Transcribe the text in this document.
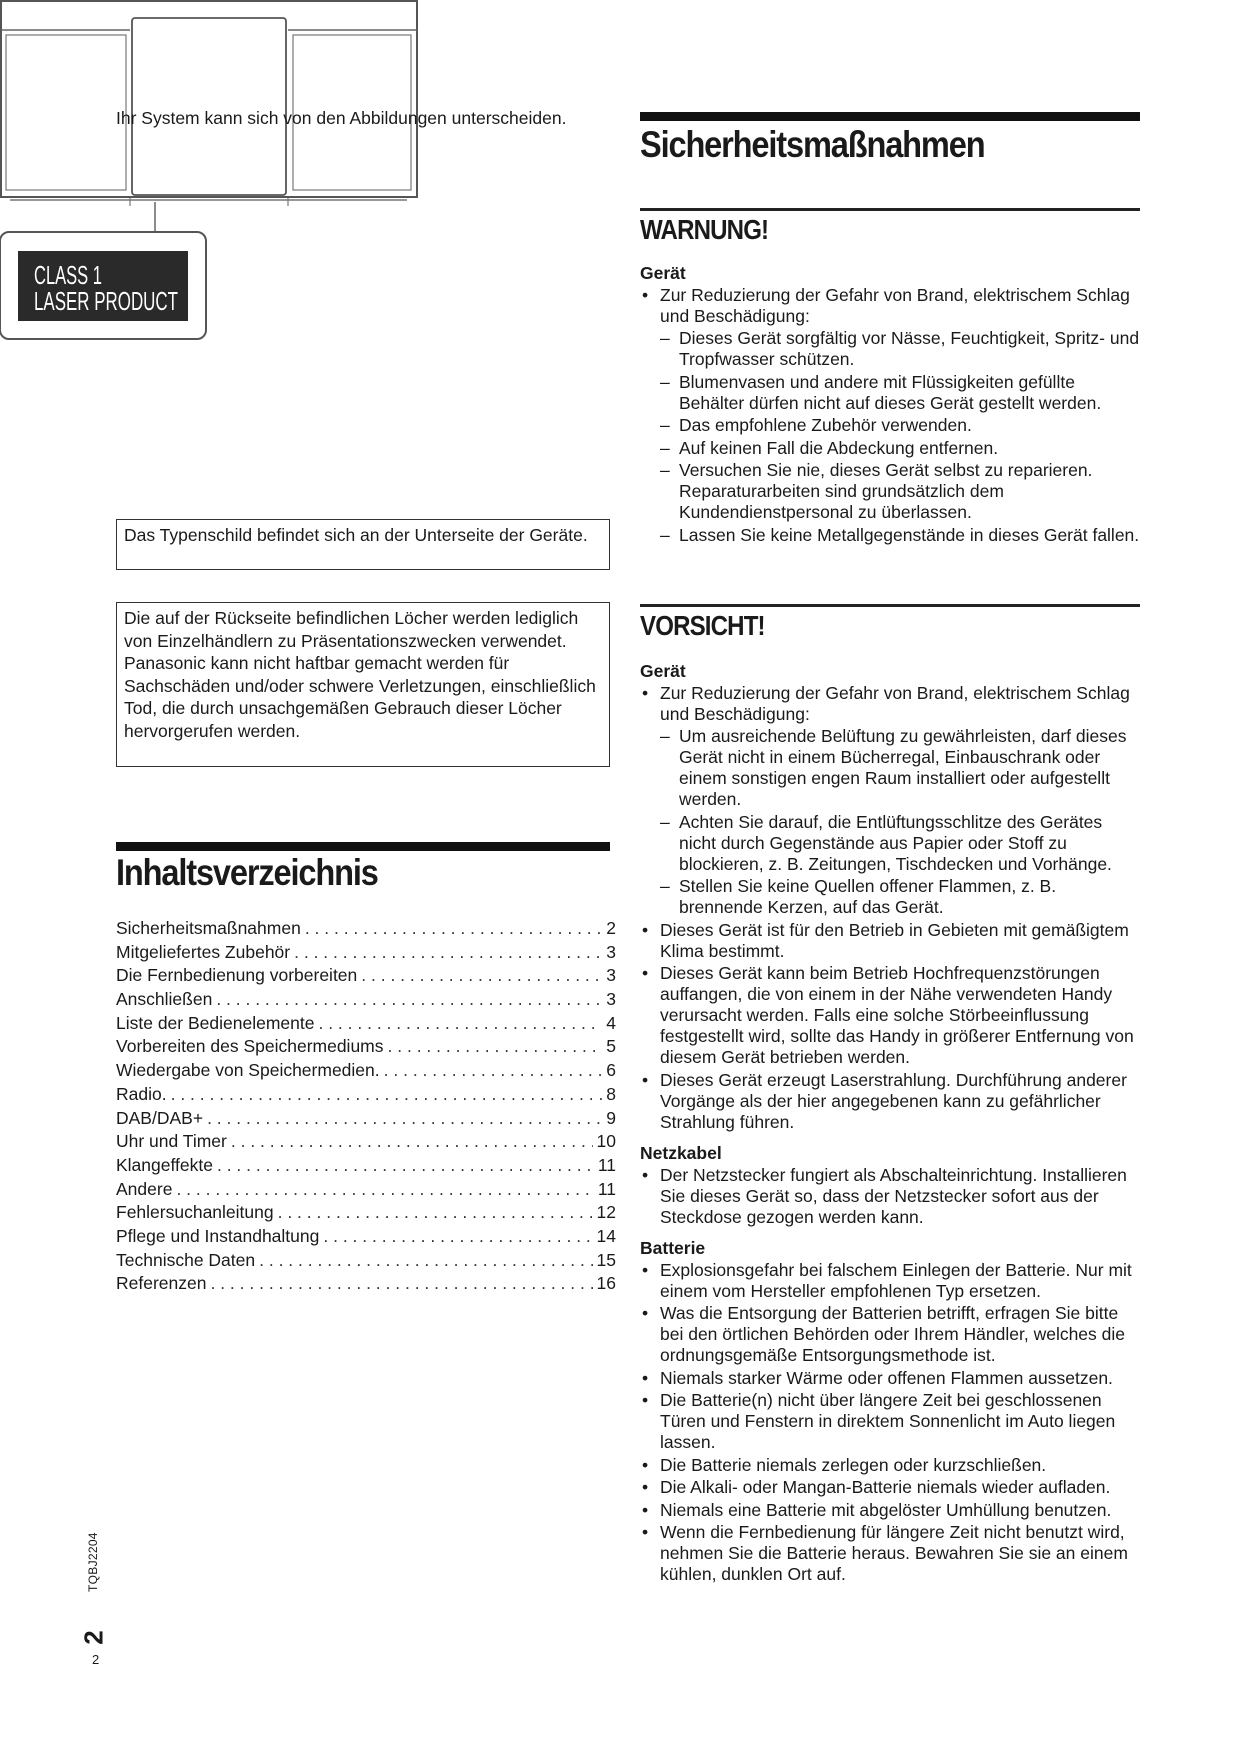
Ihr System kann sich von den Abbildungen unterscheiden.
CLASS 1
LASER PRODUCT
Das Typenschild befindet sich an der Unterseite der Geräte.

Die auf der Rückseite befindlichen Löcher werden lediglich von Einzelhändlern zu Präsentationszwecken verwendet.

Panasonic kann nicht haftbar gemacht werden für Sachschäden und/oder schwere Verletzungen, einschließlich Tod, die durch unsachgemäßen Gebrauch dieser Löcher hervorgerufen werden.

Inhaltsverzeichnis
Sicherheitsmaßnahmen . . .	2
Mitgeliefertes Zubehör . . .	3
Die Fernbedienung vorbereiten . . .	3
Anschließen . . .	3
Liste der Bedienelemente . . .	4
Vorbereiten des Speichermediums . . .	5
Wiedergabe von Speichermedien. . . .	6
Radio. . . .	8
DAB/DAB+ . . .	9
Uhr und Timer . . .	10
Klangeffekte . . .	11
Andere . . .	11
Fehlersuchanleitung . . .	12
Pflege und Instandhaltung . . .	14
Technische Daten . . .	15
Referenzen . . .	16
Sicherheitsmaßnahmen
WARNUNG!
Gerät
• Zur Reduzierung der Gefahr von Brand, elektrischem Schlag und Beschädigung:
– Dieses Gerät sorgfältig vor Nässe, Feuchtigkeit, Spritz- und Tropfwasser schützen.
– Blumenvasen und andere mit Flüssigkeiten gefüllte Behälter dürfen nicht auf dieses Gerät gestellt werden.
– Das empfohlene Zubehör verwenden.
– Auf keinen Fall die Abdeckung entfernen.
– Versuchen Sie nie, dieses Gerät selbst zu reparieren. Reparaturarbeiten sind grundsätzlich dem Kundendienstpersonal zu überlassen.
– Lassen Sie keine Metallgegenstände in dieses Gerät fallen.
VORSICHT!
Gerät
• Zur Reduzierung der Gefahr von Brand, elektrischem Schlag und Beschädigung:
– Um ausreichende Belüftung zu gewährleisten, darf dieses Gerät nicht in einem Bücherregal, Einbauschrank oder einem sonstigen engen Raum installiert oder aufgestellt werden.
– Achten Sie darauf, die Entlüftungsschlitze des Gerätes nicht durch Gegenstände aus Papier oder Stoff zu blockieren, z. B. Zeitungen, Tischdecken und Vorhänge.
– Stellen Sie keine Quellen offener Flammen, z. B. brennende Kerzen, auf das Gerät.
• Dieses Gerät ist für den Betrieb in Gebieten mit gemäßigtem Klima bestimmt.
• Dieses Gerät kann beim Betrieb Hochfrequenzstörungen auffangen, die von einem in der Nähe verwendeten Handy verursacht werden. Falls eine solche Störbeeinflussung festgestellt wird, sollte das Handy in größerer Entfernung von diesem Gerät betrieben werden.
• Dieses Gerät erzeugt Laserstrahlung. Durchführung anderer Vorgänge als der hier angegebenen kann zu gefährlicher Strahlung führen.
Netzkabel
• Der Netzstecker fungiert als Abschalteinrichtung. Installieren Sie dieses Gerät so, dass der Netzstecker sofort aus der Steckdose gezogen werden kann.
Batterie
• Explosionsgefahr bei falschem Einlegen der Batterie. Nur mit einem vom Hersteller empfohlenen Typ ersetzen.
• Was die Entsorgung der Batterien betrifft, erfragen Sie bitte bei den örtlichen Behörden oder Ihrem Händler, welches die ordnungsgemäße Entsorgungsmethode ist.
• Niemals starker Wärme oder offenen Flammen aussetzen.
• Die Batterie(n) nicht über längere Zeit bei geschlossenen Türen und Fenstern in direktem Sonnenlicht im Auto liegen lassen.
• Die Batterie niemals zerlegen oder kurzschließen.
• Die Alkali- oder Mangan-Batterie niemals wieder aufladen.
• Niemals eine Batterie mit abgelöster Umhüllung benutzen.
• Wenn die Fernbedienung für längere Zeit nicht benutzt wird, nehmen Sie die Batterie heraus. Bewahren Sie sie an einem kühlen, dunklen Ort auf.
TQBJ2204
2
2
